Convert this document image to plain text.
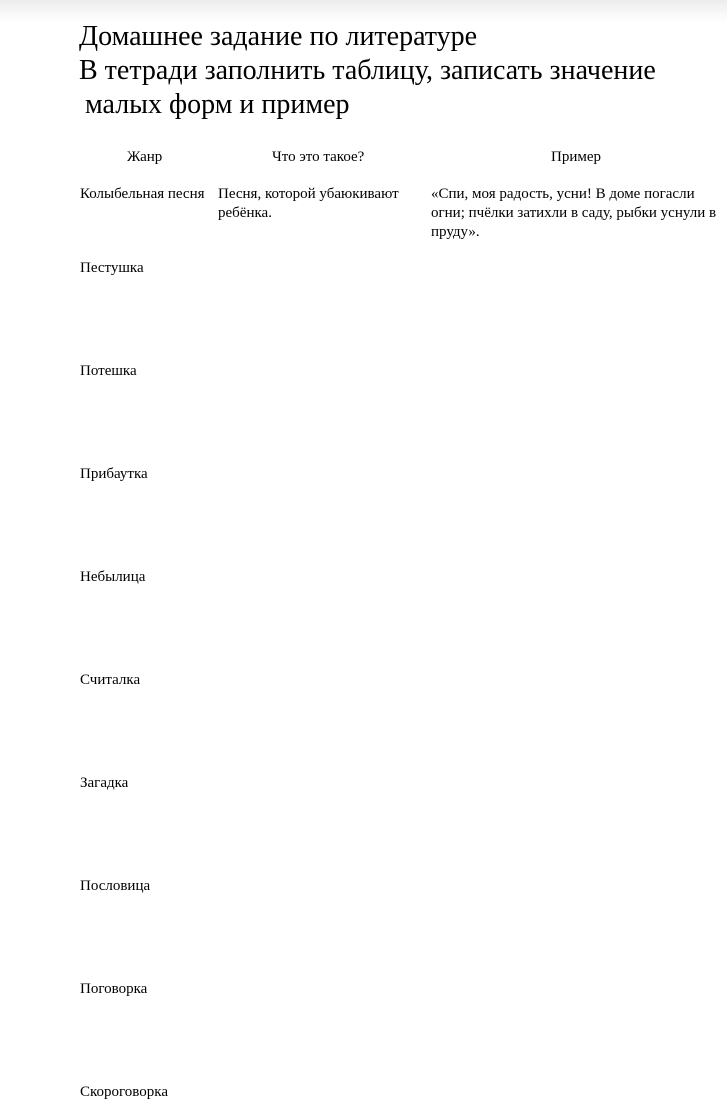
Домашнее задание по литературе
В тетради заполнить таблицу, записать значение
малых форм и пример
Жанр	Что это такое?	Пример
Колыбельная песня Песня, которой убаюкивают ребёнка.
«Спи, моя радость, усни! В доме погасли огни; пчёлки затихли в саду, рыбки уснули в пруду».
Пестушка
Потешка
Прибаутка
Небылица
Считалка
Загадка
Пословица
Поговорка
Скороговорка
